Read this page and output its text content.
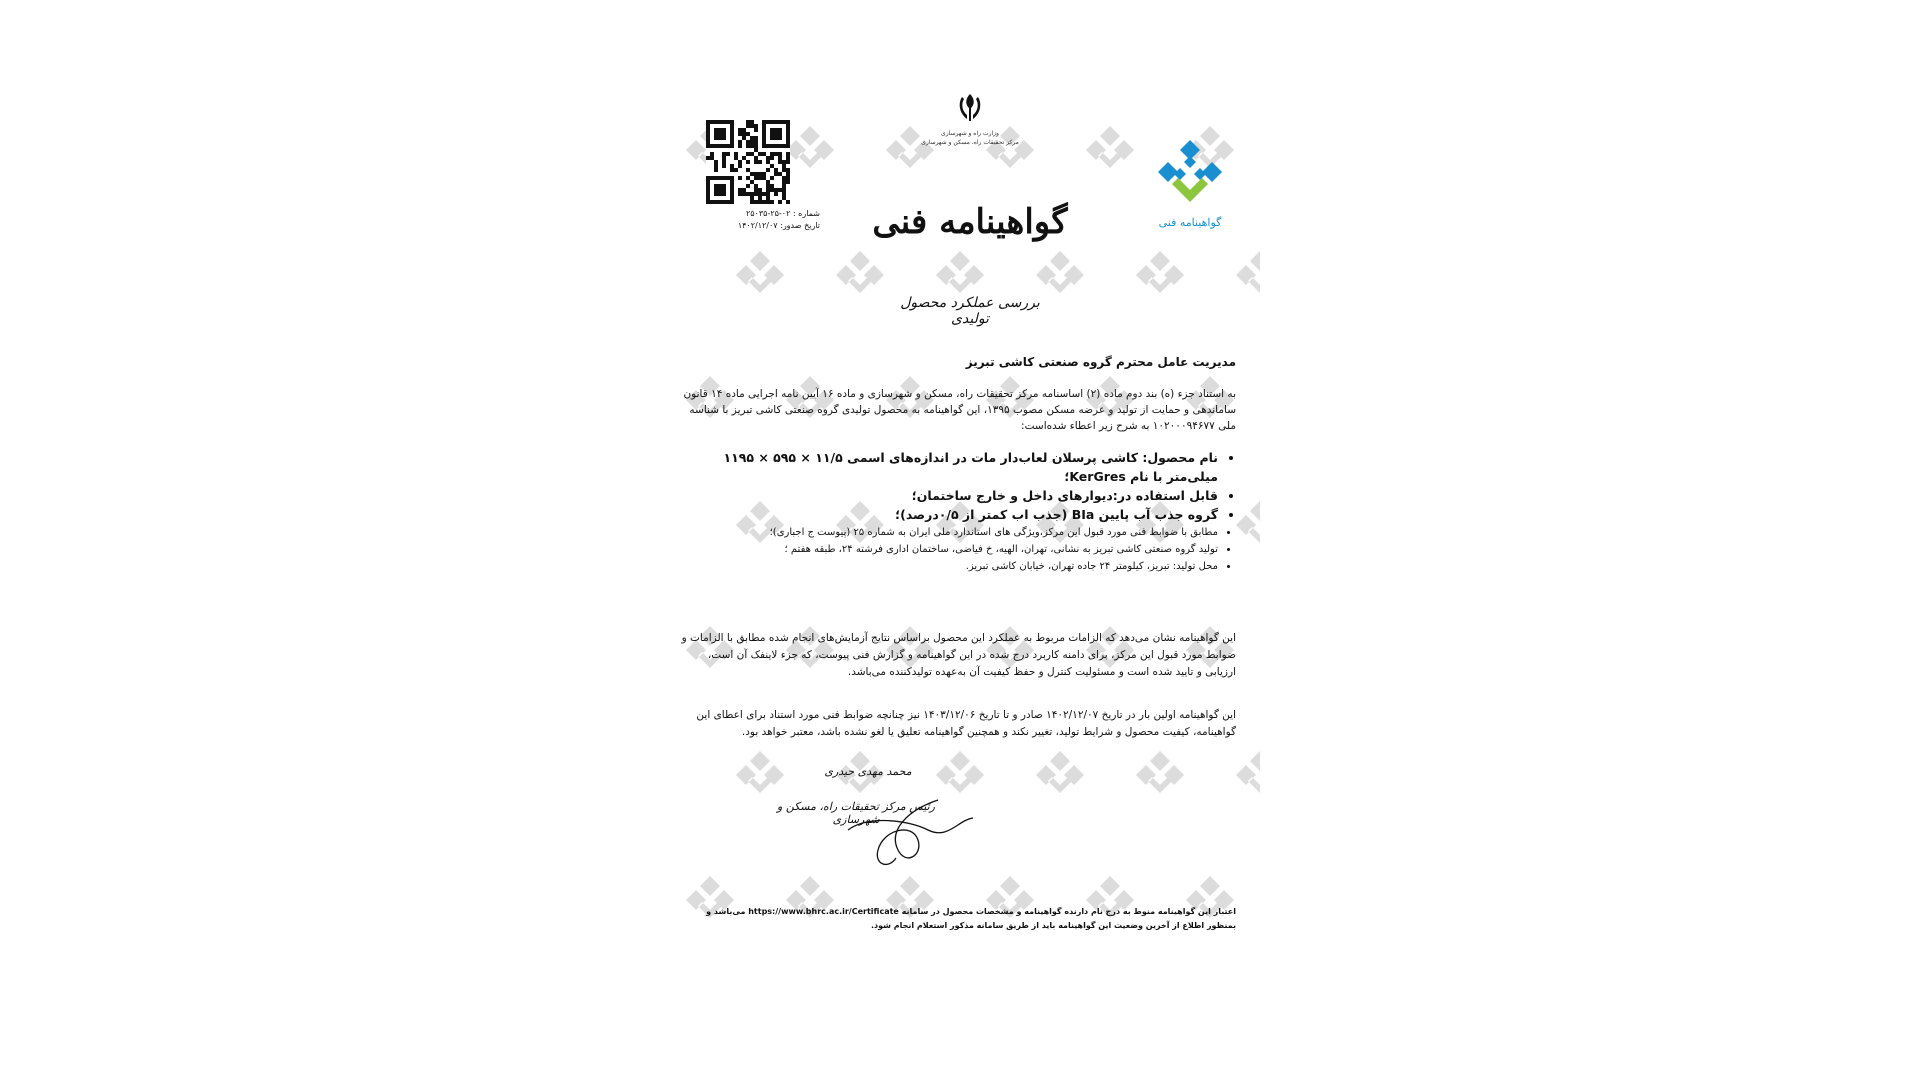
شماره : ۰۲-۲۵-۲۵۰۳۵
تاریخ صدور: ۱۴۰۲/۱۲/۰۷
وزارت راه و شهرسازی
مرکز تحقیقات راه، مسکن و شهرسازی
گواهینامه فنی
بررسی عملکرد محصول تولیدی
گواهینامه فنی
مدیریت عامل محترم گروه صنعتی کاشی تبریز
به استناد جزء (ه) بند دوم ماده (۲) اساسنامه مرکز تحقیقات راه، مسکن و شهرسازی و ماده ۱۶ آیین نامه اجرایی ماده ۱۴ قانون ساماندهی و حمایت از تولید و عرضه مسکن مصوب ۱۳۹۵، این گواهینامه به محصول تولیدی گروه صنعتی کاشی تبریز با شناسه ملی ۱۰۲۰۰۰۹۴۶۷۷ به شرح زیر اعطاء شده‌است:
• نام محصول: کاشی پرسلان لعاب‌دار مات در اندازه‌های اسمی ۱۱/۵ × ۵۹۵ × ۱۱۹۵ میلی‌متر با نام KerGres؛
• قابل استفاده در:دیوارهای داخل و خارج ساختمان؛
• گروه جذب آب پایین BIa (جذب اب کمتر از ۰/۵درصد)؛
• مطابق با ضوابط فنی مورد قبول این مرکز،ویژگی های استاندارد ملی ایران به شماره ۲۵ (پیوست ج اجباری)؛
• تولید گروه صنعتی کاشی تبریز به نشانی، تهران، الهیه، خ فیاضی، ساختمان اداری فرشته ۲۴، طبقه هفتم ؛
• محل تولید: تبریز، کیلومتر ۲۴ جاده تهران، خیابان کاشی تبریز.
این گواهینامه نشان می‌دهد که الزامات مربوط به عملکرد این محصول براساس نتایج آزمایش‌های انجام شده مطابق با الزامات و ضوابط مورد قبول این مرکز، برای دامنه کاربرد درج شده در این گواهینامه و گزارش فنی پیوست، که جزء لاینفک آن است، ارزیابی و تایید شده است و مسئولیت کنترل و حفظ کیفیت آن به‌عهده تولیدکننده می‌باشد.
این گواهینامه اولین بار در تاریخ ۱۴۰۲/۱۲/۰۷ صادر و تا تاریخ ۱۴۰۳/۱۲/۰۶ نیز چنانچه ضوابط فنی مورد استناد برای اعطای این گواهینامه، کیفیت محصول و شرایط تولید، تغییر نکند و همچنین گواهینامه تعلیق یا لغو نشده باشد، معتبر خواهد بود.
محمد مهدی حیدری
رئیس مرکز تحقیقات راه، مسکن و شهرسازی
اعتبار این گواهینامه منوط به درج نام دارنده گواهینامه و مشخصات محصول در سامانه https://www.bhrc.ac.ir/Certificate می‌باشد و بمنظور اطلاع از آخرین وضعیت این گواهینامه باید از طریق سامانه مذکور استعلام انجام شود.
